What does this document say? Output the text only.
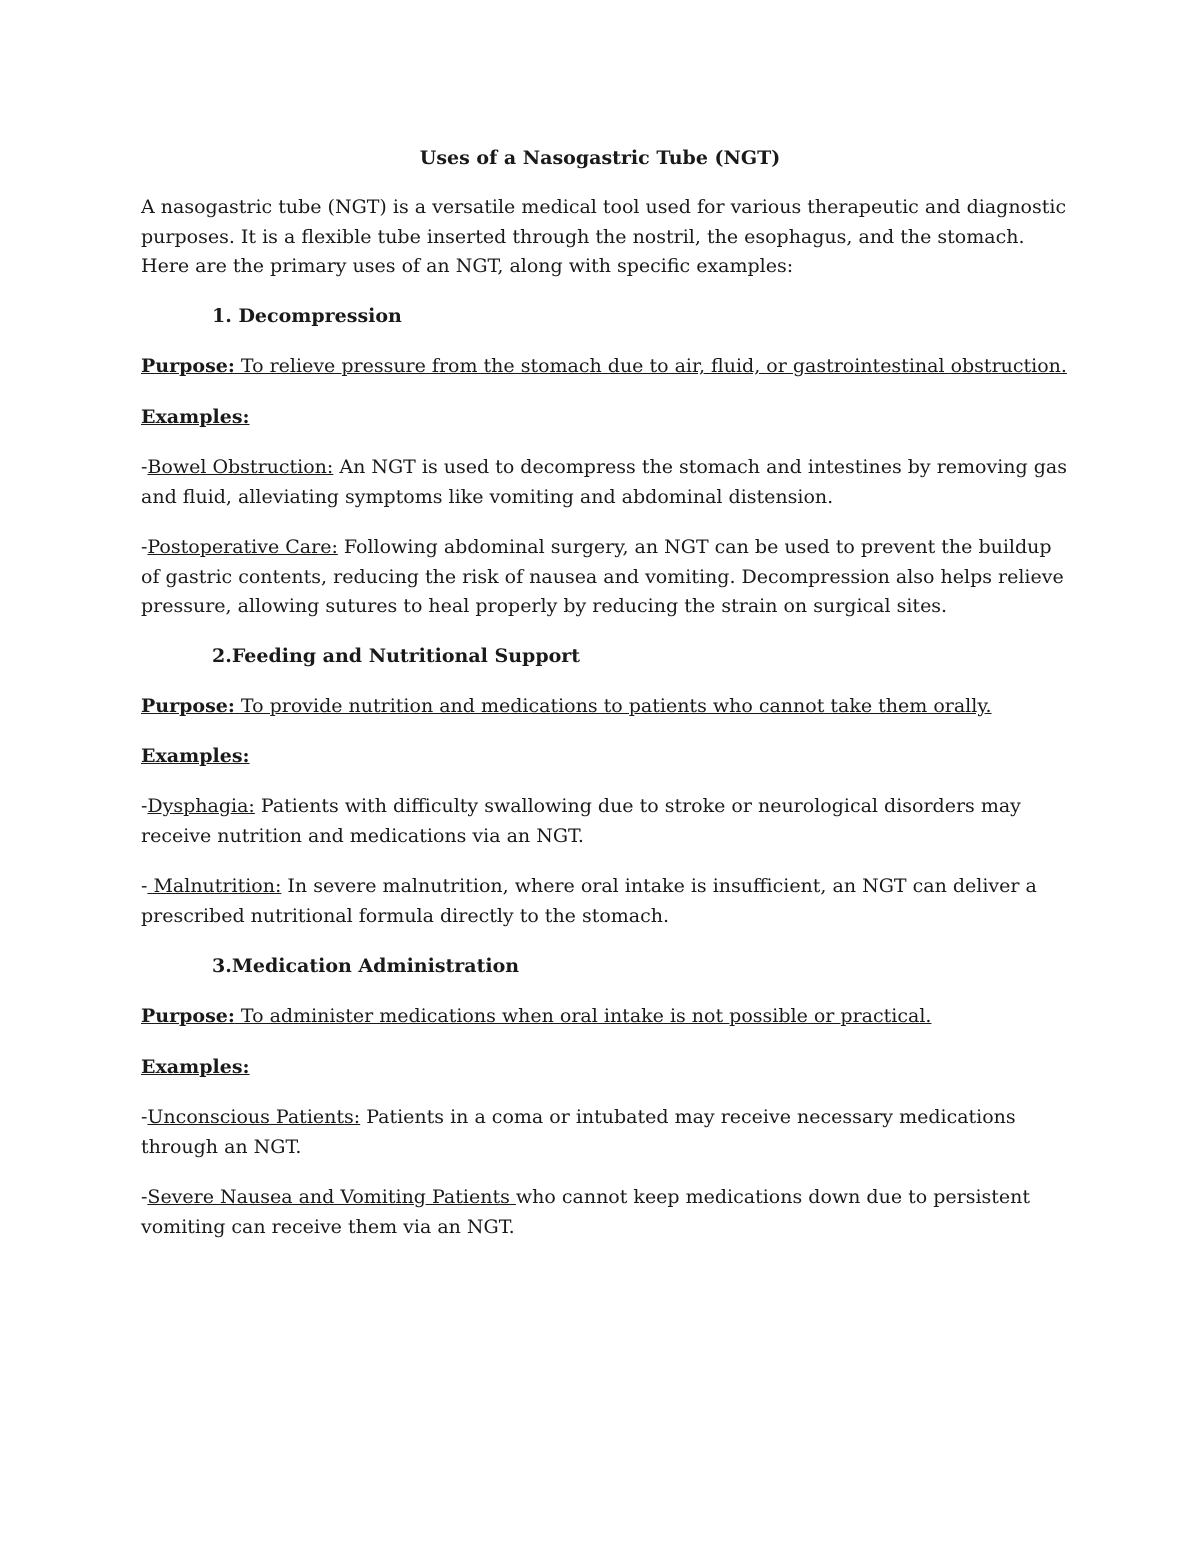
Uses of a Nasogastric Tube (NGT)

A nasogastric tube (NGT) is a versatile medical tool used for various therapeutic and diagnostic purposes. It is a flexible tube inserted through the nostril, the esophagus, and the stomach. Here are the primary uses of an NGT, along with specific examples:

1. Decompression

Purpose: To relieve pressure from the stomach due to air, fluid, or gastrointestinal obstruction.

Examples:

-Bowel Obstruction: An NGT is used to decompress the stomach and intestines by removing gas and fluid, alleviating symptoms like vomiting and abdominal distension.

-Postoperative Care: Following abdominal surgery, an NGT can be used to prevent the buildup of gastric contents, reducing the risk of nausea and vomiting. Decompression also helps relieve pressure, allowing sutures to heal properly by reducing the strain on surgical sites.

2.Feeding and Nutritional Support

Purpose: To provide nutrition and medications to patients who cannot take them orally.

Examples:

-Dysphagia: Patients with difficulty swallowing due to stroke or neurological disorders may receive nutrition and medications via an NGT.

- Malnutrition: In severe malnutrition, where oral intake is insufficient, an NGT can deliver a prescribed nutritional formula directly to the stomach.

3.Medication Administration

Purpose: To administer medications when oral intake is not possible or practical.

Examples:

-Unconscious Patients: Patients in a coma or intubated may receive necessary medications through an NGT.

-Severe Nausea and Vomiting Patients who cannot keep medications down due to persistent vomiting can receive them via an NGT.
